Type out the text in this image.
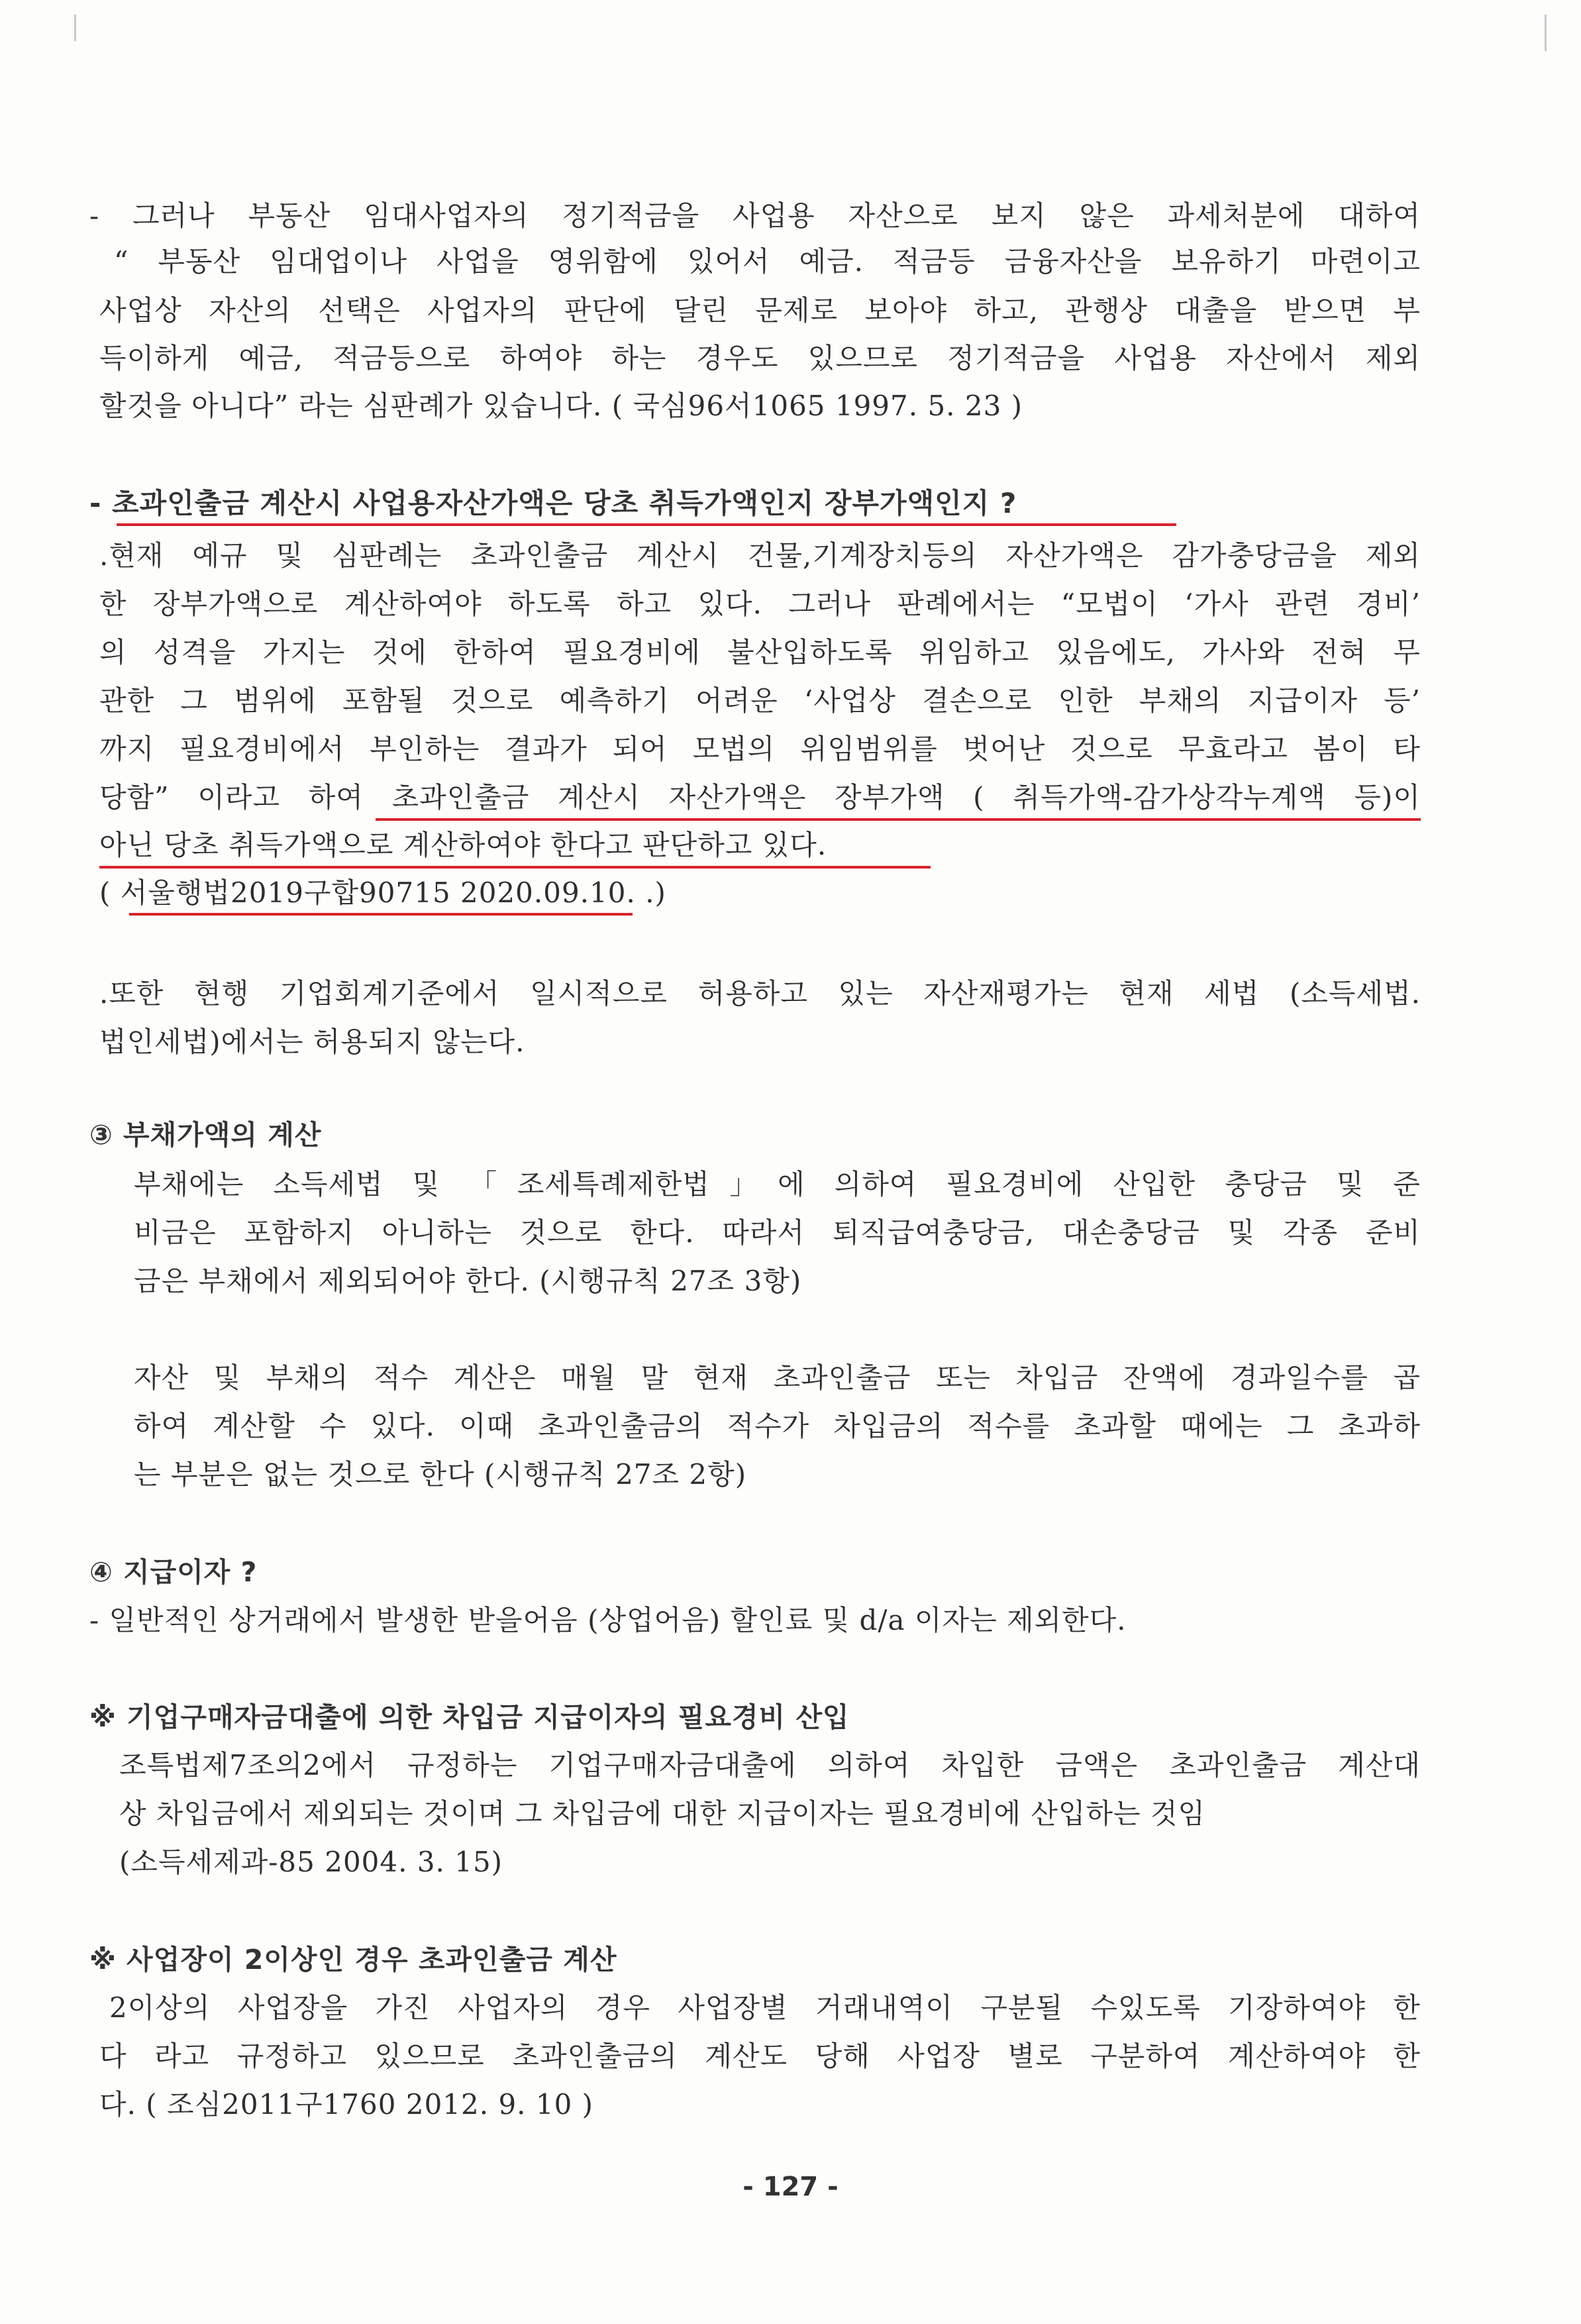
- 그러나 부동산 임대사업자의 정기적금을 사업용 자산으로 보지 않은 과세처분에 대하여
“ 부동산 임대업이나 사업을 영위함에 있어서 예금. 적금등 금융자산을 보유하기 마련이고
사업상 자산의 선택은 사업자의 판단에 달린 문제로 보아야 하고, 관행상 대출을 받으면 부
득이하게 예금, 적금등으로 하여야 하는 경우도 있으므로 정기적금을 사업용 자산에서 제외
할것을 아니다” 라는 심판례가 있습니다. ( 국심96서1065 1997. 5. 23 )
- 초과인출금 계산시 사업용자산가액은 당초 취득가액인지 장부가액인지 ?
.현재 예규 및 심판례는 초과인출금 계산시 건물,기계장치등의 자산가액은 감가충당금을 제외
한 장부가액으로 계산하여야 하도록 하고 있다. 그러나 판례에서는 “모법이 ‘가사 관련 경비’
의 성격을 가지는 것에 한하여 필요경비에 불산입하도록 위임하고 있음에도, 가사와 전혀 무
관한 그 범위에 포함될 것으로 예측하기 어려운 ‘사업상 결손으로 인한 부채의 지급이자 등’
까지 필요경비에서 부인하는 결과가 되어 모법의 위임범위를 벗어난 것으로 무효라고 봄이 타
당함” 이라고 하여 초과인출금 계산시 자산가액은 장부가액 ( 취득가액-감가상각누계액 등)이
아닌 당초 취득가액으로 계산하여야 한다고 판단하고 있다.
( 서울행법2019구합90715 2020.09.10. .)
.또한 현행 기업회계기준에서 일시적으로 허용하고 있는 자산재평가는 현재 세법 (소득세법.
법인세법)에서는 허용되지 않는다.
③ 부채가액의 계산
부채에는 소득세법 및 「조세특례제한법」에 의하여 필요경비에 산입한 충당금 및 준
비금은 포함하지 아니하는 것으로 한다. 따라서 퇴직급여충당금, 대손충당금 및 각종 준비
금은 부채에서 제외되어야 한다. (시행규칙 27조 3항)
자산 및 부채의 적수 계산은 매월 말 현재 초과인출금 또는 차입금 잔액에 경과일수를 곱
하여 계산할 수 있다. 이때 초과인출금의 적수가 차입금의 적수를 초과할 때에는 그 초과하
는 부분은 없는 것으로 한다 (시행규칙 27조 2항)
④ 지급이자 ?
- 일반적인 상거래에서 발생한 받을어음 (상업어음) 할인료 및 d/a 이자는 제외한다.
※ 기업구매자금대출에 의한 차입금 지급이자의 필요경비 산입
조특법제7조의2에서 규정하는 기업구매자금대출에 의하여 차입한 금액은 초과인출금 계산대
상 차입금에서 제외되는 것이며 그 차입금에 대한 지급이자는 필요경비에 산입하는 것임
(소득세제과-85 2004. 3. 15)
※ 사업장이 2이상인 경우 초과인출금 계산
2이상의 사업장을 가진 사업자의 경우 사업장별 거래내역이 구분될 수있도록 기장하여야 한
다 라고 규정하고 있으므로 초과인출금의 계산도 당해 사업장 별로 구분하여 계산하여야 한
다. ( 조심2011구1760 2012. 9. 10 )
- 127 -
